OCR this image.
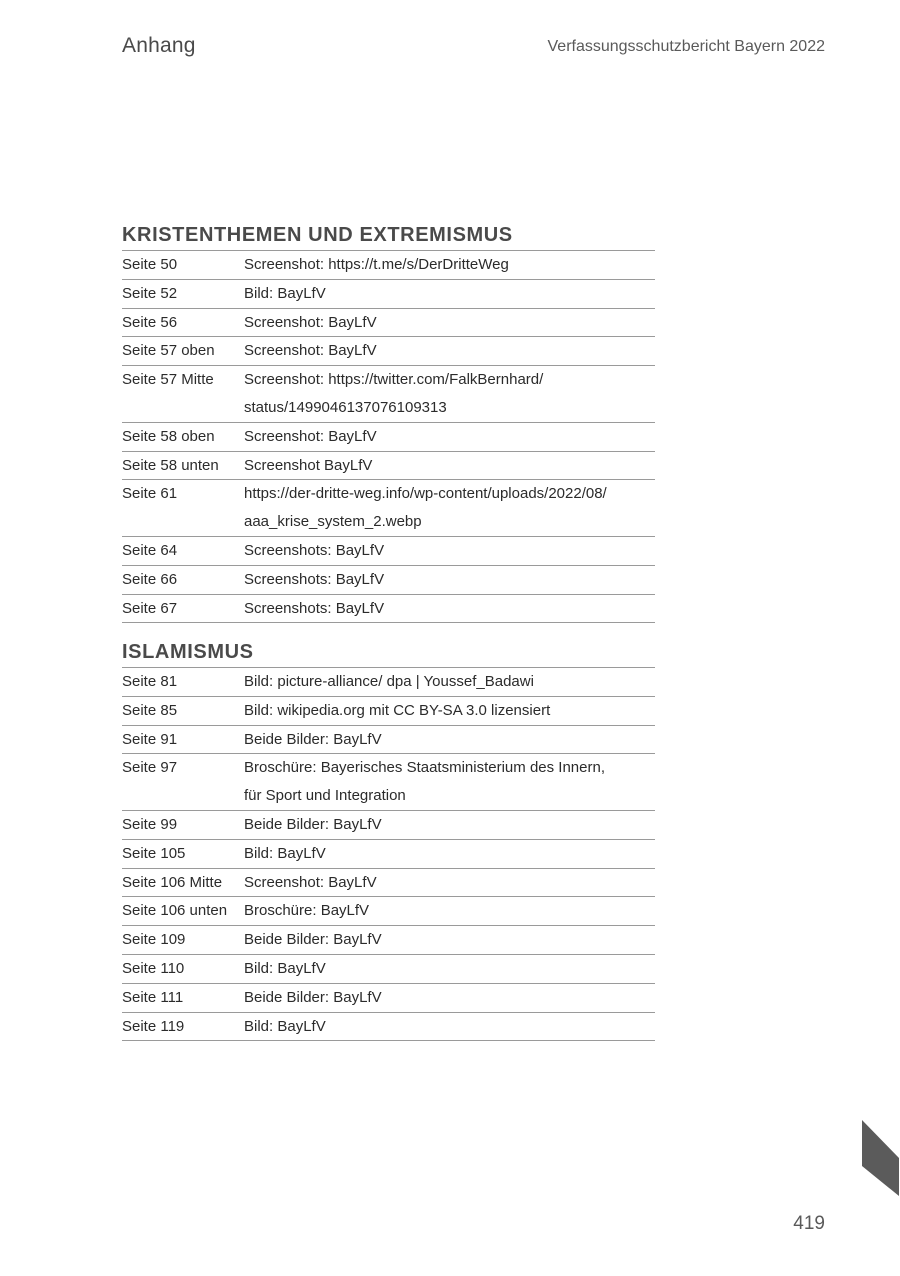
Anhang	Verfassungsschutzbericht Bayern 2022
KRISTENTHEMEN UND EXTREMISMUS
Seite 50	Screenshot: https://t.me/s/DerDritteWeg
Seite 52	Bild: BayLfV
Seite 56	Screenshot: BayLfV
Seite 57 oben	Screenshot: BayLfV
Seite 57 Mitte	Screenshot: https://twitter.com/FalkBernhard/
status/1499046137076109313
Seite 58 oben	Screenshot: BayLfV
Seite 58 unten	Screenshot BayLfV
Seite 61	https://der-dritte-weg.info/wp-content/uploads/2022/08/
aaa_krise_system_2.webp
Seite 64	Screenshots: BayLfV
Seite 66	Screenshots: BayLfV
Seite 67	Screenshots: BayLfV
ISLAMISMUS
Seite 81	Bild: picture-alliance/ dpa | Youssef_Badawi
Seite 85	Bild: wikipedia.org mit CC BY-SA 3.0 lizensiert
Seite 91	Beide Bilder: BayLfV
Seite 97	Broschüre: Bayerisches Staatsministerium des Innern,
für Sport und Integration
Seite 99	Beide Bilder: BayLfV
Seite 105	Bild: BayLfV
Seite 106 Mitte	Screenshot: BayLfV
Seite 106 unten	Broschüre: BayLfV
Seite 109	Beide Bilder: BayLfV
Seite 110	Bild: BayLfV
Seite 111	Beide Bilder: BayLfV
Seite 119	Bild: BayLfV
419
